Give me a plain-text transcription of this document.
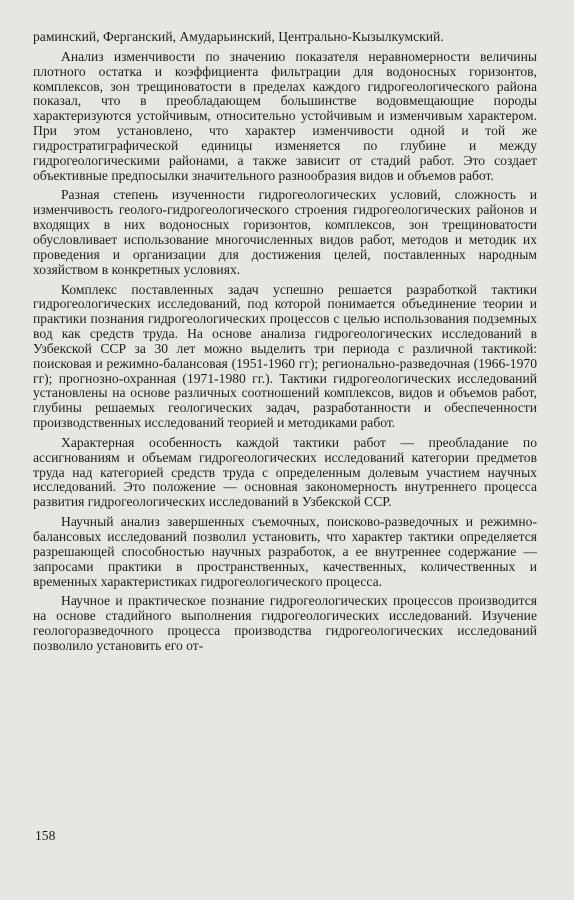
раминский, Ферганский, Амударьинский, Центрально-Кызылкумский.

Анализ изменчивости по значению показателя неравномерности величины плотного остатка и коэффициента фильтрации для водоносных горизонтов, комплексов, зон трещиноватости в пределах каждого гидрогеологического района показал, что в преобладающем большинстве водовмещающие породы характеризуются устойчивым, относительно устойчивым и изменчивым характером. При этом установлено, что характер изменчивости одной и той же гидростратиграфической единицы изменяется по глубине и между гидрогеологическими районами, а также зависит от стадий работ. Это создает объективные предпосылки значительного разнообразия видов и объемов работ.

Разная степень изученности гидрогеологических условий, сложность и изменчивость геолого-гидрогеологического строения гидрогеологических районов и входящих в них водоносных горизонтов, комплексов, зон трещиноватости обусловливает использование многочисленных видов работ, методов и методик их проведения и организации для достижения целей, поставленных народным хозяйством в конкретных условиях.

Комплекс поставленных задач успешно решается разработкой тактики гидрогеологических исследований, под которой понимается объединение теории и практики познания гидрогеологических процессов с целью использования подземных вод как средств труда. На основе анализа гидрогеологических исследований в Узбекской ССР за 30 лет можно выделить три периода с различной тактикой: поисковая и режимно-балансовая (1951-1960 гг); регионально-разведочная (1966-1970 гг); прогнозно-охранная (1971-1980 гг.). Тактики гидрогеологических исследований установлены на основе различных соотношений комплексов, видов и объемов работ, глубины решаемых геологических задач, разработанности и обеспеченности производственных исследований теорией и методиками работ.

Характерная особенность каждой тактики работ — преобладание по ассигнованиям и объемам гидрогеологических исследований категории предметов труда над категорией средств труда с определенным долевым участием научных исследований. Это положение — основная закономерность внутреннего процесса развития гидрогеологических исследований в Узбекской ССР.

Научный анализ завершенных съемочных, поисково-разведочных и режимно-балансовых исследований позволил установить, что характер тактики определяется разрешающей способностью научных разработок, а ее внутреннее содержание — запросами практики в пространственных, качественных, количественных и временных характеристиках гидрогеологического процесса.

Научное и практическое познание гидрогеологических процессов производится на основе стадийного выполнения гидрогеологических исследований. Изучение геологоразведочного процесса производства гидрогеологических исследований позволило установить его от-

158
